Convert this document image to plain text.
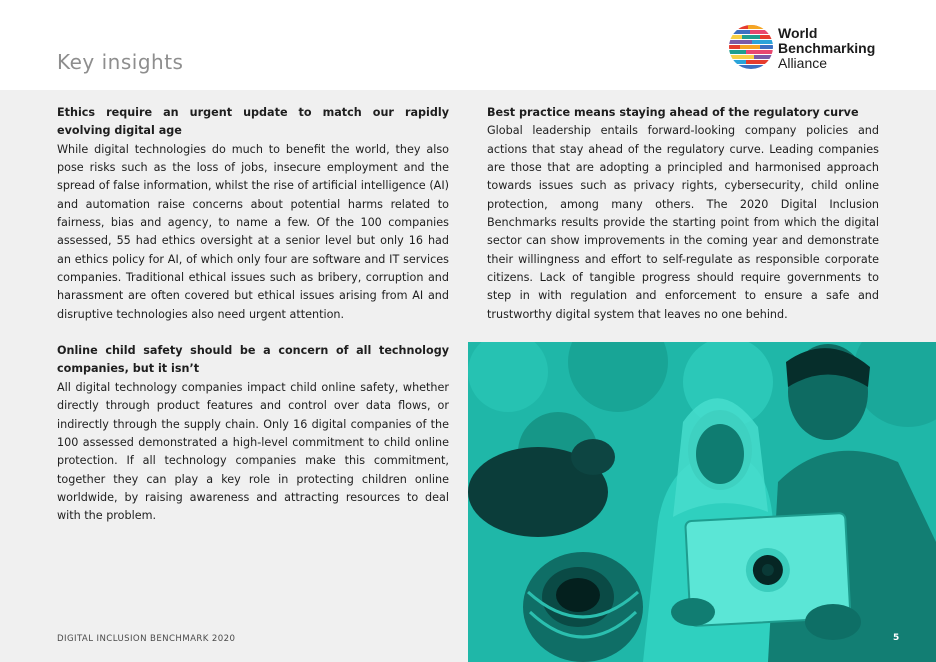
Key insights
World
Benchmarking
Alliance
Ethics require an urgent update to match our rapidly evolving digital age

While digital technologies do much to benefit the world, they also pose risks such as the loss of jobs, insecure employment and the spread of false information, whilst the rise of artificial intelligence (AI) and automation raise concerns about potential harms related to fairness, bias and agency, to name a few. Of the 100 companies assessed, 55 had ethics oversight at a senior level but only 16 had an ethics policy for AI, of which only four are software and IT services companies. Traditional ethical issues such as bribery, corruption and harassment are often covered but ethical issues arising from AI and disruptive technologies also need urgent attention.

Online child safety should be a concern of all technology companies, but it isn’t

All digital technology companies impact child online safety, whether directly through product features and control over data flows, or indirectly through the supply chain. Only 16 digital companies of the 100 assessed demonstrated a high-level commitment to child online protection. If all technology companies make this commitment, together they can play a key role in protecting children online worldwide, by raising awareness and attracting resources to deal with the problem.

Best practice means staying ahead of the regulatory curve

Global leadership entails forward-looking company policies and actions that stay ahead of the regulatory curve. Leading companies are those that are adopting a principled and harmonised approach towards issues such as privacy rights, cybersecurity, child online protection, among many others. The 2020 Digital Inclusion Benchmarks results provide the starting point from which the digital sector can show improvements in the coming year and demonstrate their willingness and effort to self-regulate as responsible corporate citizens. Lack of tangible progress should require governments to step in with regulation and enforcement to ensure a safe and trustworthy digital system that leaves no one behind.

DIGITAL INCLUSION BENCHMARK 2020	5
